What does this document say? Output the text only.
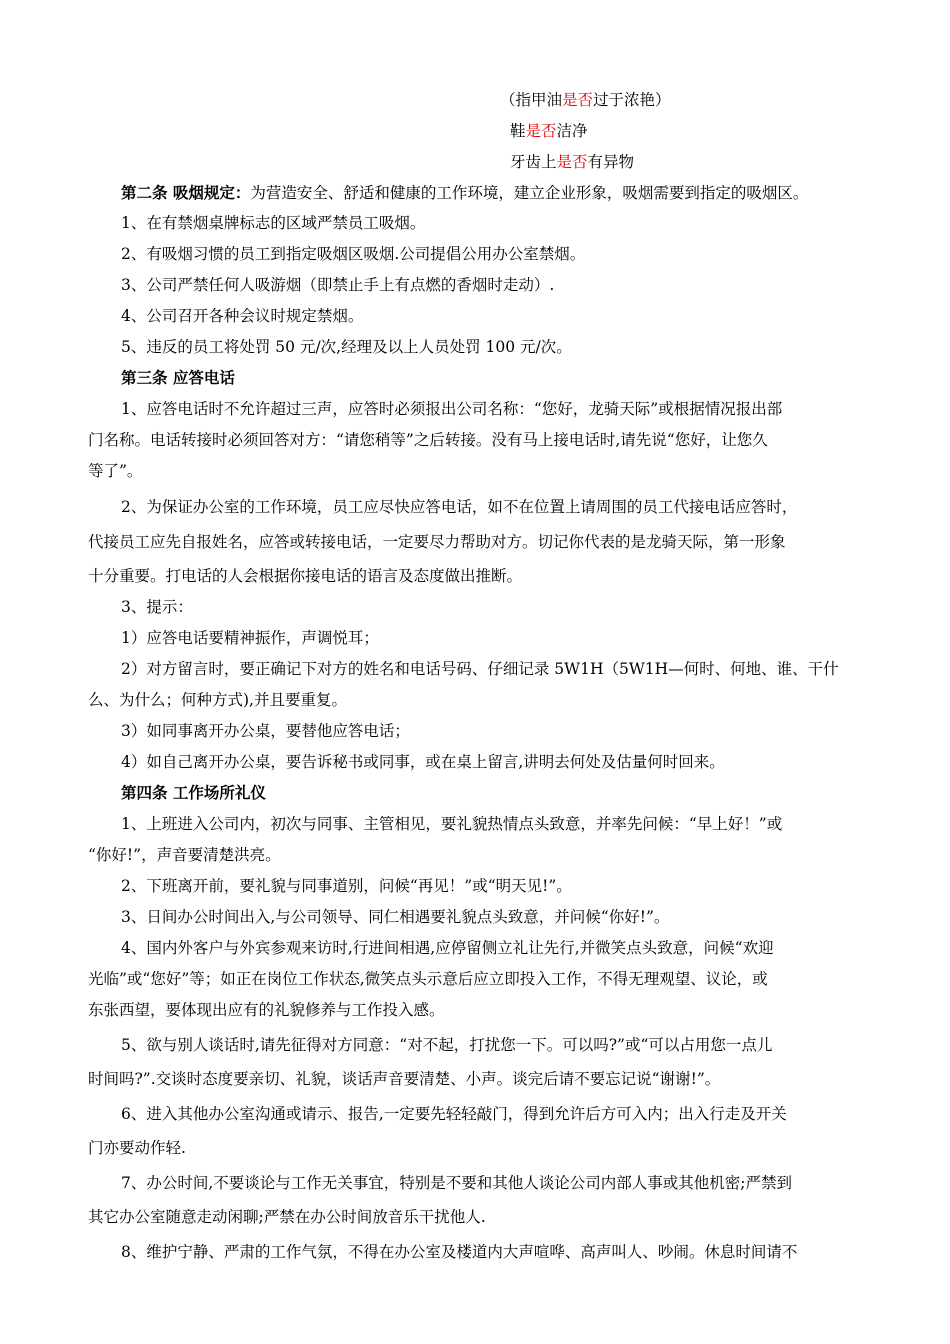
（指甲油是否过于浓艳）
鞋是否洁净
牙齿上是否有异物
第二条 吸烟规定：为营造安全、舒适和健康的工作环境，建立企业形象，吸烟需要到指定的吸烟区。
1、在有禁烟桌牌标志的区域严禁员工吸烟。
2、有吸烟习惯的员工到指定吸烟区吸烟.公司提倡公用办公室禁烟。
3、公司严禁任何人吸游烟（即禁止手上有点燃的香烟时走动）.
4、公司召开各种会议时规定禁烟。
5、违反的员工将处罚 50 元/次,经理及以上人员处罚 100 元/次。
第三条 应答电话
1、应答电话时不允许超过三声，应答时必须报出公司名称：“您好，龙骑天际”或根据情况报出部
门名称。电话转接时必须回答对方：“请您稍等”之后转接。没有马上接电话时,请先说“您好，让您久
等了”。
2、为保证办公室的工作环境，员工应尽快应答电话，如不在位置上请周围的员工代接电话应答时，
代接员工应先自报姓名，应答或转接电话，一定要尽力帮助对方。切记你代表的是龙骑天际，第一形象
十分重要。打电话的人会根据你接电话的语言及态度做出推断。
3、提示：
1）应答电话要精神振作，声调悦耳；
2）对方留言时，要正确记下对方的姓名和电话号码、仔细记录 5W1H（5W1H—何时、何地、谁、干什
么、为什么；何种方式),并且要重复。
3）如同事离开办公桌，要替他应答电话；
4）如自己离开办公桌，要告诉秘书或同事，或在桌上留言,讲明去何处及估量何时回来。
第四条 工作场所礼仪
1、上班进入公司内，初次与同事、主管相见，要礼貌热情点头致意，并率先问候：“早上好！”或
“你好!”，声音要清楚洪亮。
2、下班离开前，要礼貌与同事道别，问候“再见！”或“明天见!”。
3、日间办公时间出入,与公司领导、同仁相遇要礼貌点头致意，并问候“你好!”。
4、国内外客户与外宾参观来访时,行进间相遇,应停留侧立礼让先行,并微笑点头致意，问候“欢迎
光临”或“您好”等；如正在岗位工作状态,微笑点头示意后应立即投入工作，不得无理观望、议论，或
东张西望，要体现出应有的礼貌修养与工作投入感。
5、欲与别人谈话时,请先征得对方同意：“对不起，打扰您一下。可以吗?”或“可以占用您一点儿
时间吗?”.交谈时态度要亲切、礼貌，谈话声音要清楚、小声。谈完后请不要忘记说“谢谢!”。
6、进入其他办公室沟通或请示、报告,一定要先轻轻敲门，得到允许后方可入内；出入行走及开关
门亦要动作轻.
7、办公时间,不要谈论与工作无关事宜，特别是不要和其他人谈论公司内部人事或其他机密;严禁到
其它办公室随意走动闲聊;严禁在办公时间放音乐干扰他人.
8、维护宁静、严肃的工作气氛，不得在办公室及楼道内大声喧哗、高声叫人、吵闹。休息时间请不
